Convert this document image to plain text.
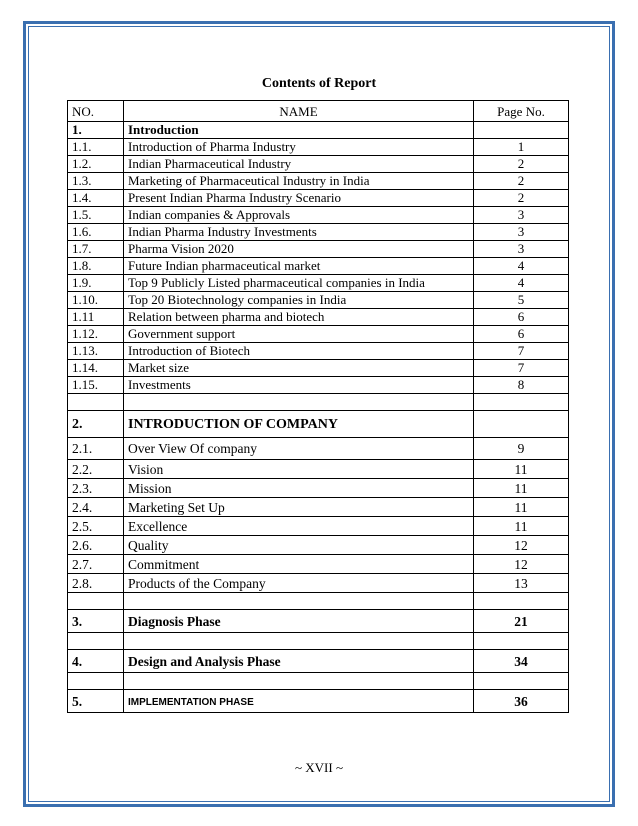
Contents of Report
NO.	NAME	Page No.
1.	Introduction	
1.1.	Introduction of Pharma Industry	1
1.2.	Indian Pharmaceutical Industry	2
1.3.	Marketing of Pharmaceutical Industry in India	2
1.4.	Present Indian Pharma Industry Scenario	2
1.5.	Indian companies & Approvals	3
1.6.	Indian Pharma Industry Investments	3
1.7.	Pharma Vision 2020	3
1.8.	Future Indian pharmaceutical market	4
1.9.	Top 9 Publicly Listed pharmaceutical companies in India	4
1.10.	Top 20 Biotechnology companies in India	5
1.11	Relation between pharma and biotech	6
1.12.	Government support	6
1.13.	Introduction of Biotech	7
1.14.	Market size	7
1.15.	Investments	8

2.	INTRODUCTION OF COMPANY	
2.1.	Over View Of company	9
2.2.	Vision	11
2.3.	Mission	11
2.4.	Marketing Set Up	11
2.5.	Excellence	11
2.6.	Quality	12
2.7.	Commitment	12
2.8.	Products of the Company	13

3.	Diagnosis Phase	21

4.	Design and Analysis Phase	34

5.	IMPLEMENTATION PHASE	36
~ XVII ~
